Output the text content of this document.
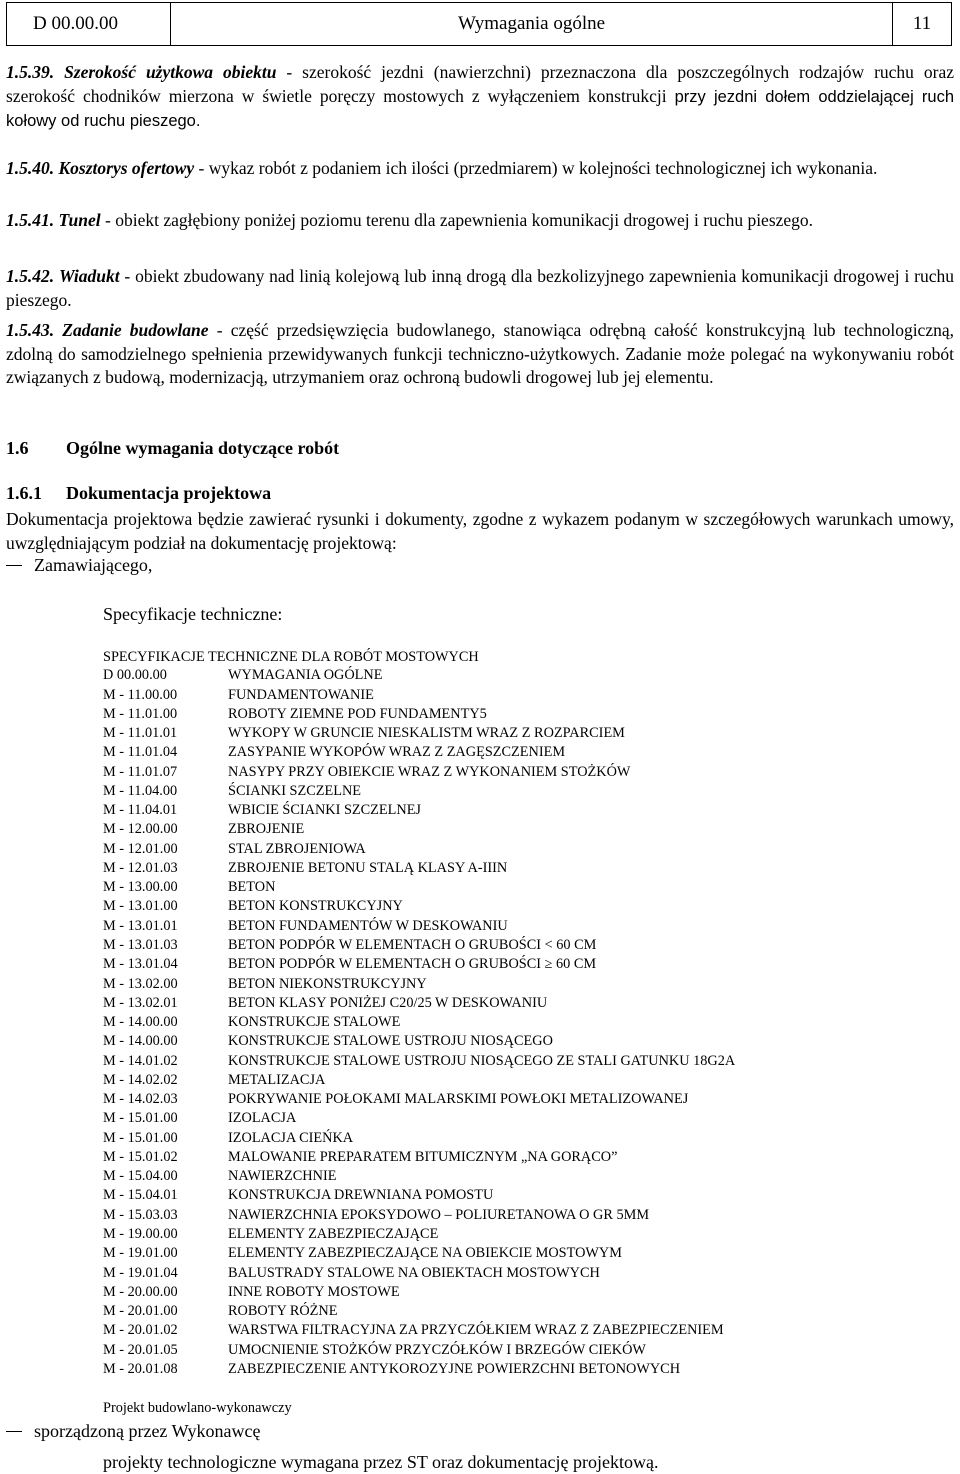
D 00.00.00	Wymagania ogólne	11

1.5.39. Szerokość użytkowa obiektu - szerokość jezdni (nawierzchni) przeznaczona dla poszczególnych rodzajów ruchu oraz szerokość chodników mierzona w świetle poręczy mostowych z wyłączeniem konstrukcji przy jezdni dołem oddzielającej ruch kołowy od ruchu pieszego.

1.5.40. Kosztorys ofertowy - wykaz robót z podaniem ich ilości (przedmiarem) w kolejności technologicznej ich wykonania.

1.5.41. Tunel - obiekt zagłębiony poniżej poziomu terenu dla zapewnienia komunikacji drogowej i ruchu pieszego.

1.5.42. Wiadukt - obiekt zbudowany nad linią kolejową lub inną drogą dla bezkolizyjnego zapewnienia komunikacji drogowej i ruchu pieszego.

1.5.43. Zadanie budowlane - część przedsięwzięcia budowlanego, stanowiąca odrębną całość konstrukcyjną lub technologiczną, zdolną do samodzielnego spełnienia przewidywanych funkcji techniczno-użytkowych. Zadanie może polegać na wykonywaniu robót związanych z budową, modernizacją, utrzymaniem oraz ochroną budowli drogowej lub jej elementu.

1.6 Ogólne wymagania dotyczące robót
1.6.1 Dokumentacja projektowa

Dokumentacja projektowa będzie zawierać rysunki i dokumenty, zgodne z wykazem podanym w szczegółowych warunkach umowy, uwzględniającym podział na dokumentację projektową:

Zamawiającego,
Specyfikacje techniczne:
SPECYFIKACJE TECHNICZNE DLA ROBÓT MOSTOWYCH
D 00.00.00	WYMAGANIA OGÓLNE
M - 11.00.00	FUNDAMENTOWANIE
M - 11.01.00	ROBOTY ZIEMNE POD FUNDAMENTY5
M - 11.01.01	WYKOPY W GRUNCIE NIESKALISTM WRAZ Z ROZPARCIEM
M - 11.01.04	ZASYPANIE WYKOPÓW WRAZ Z ZAGĘSZCZENIEM
M - 11.01.07	NASYPY PRZY OBIEKCIE WRAZ Z WYKONANIEM STOŻKÓW
M - 11.04.00	ŚCIANKI SZCZELNE
M - 11.04.01	WBICIE ŚCIANKI SZCZELNEJ
M - 12.00.00	ZBROJENIE
M - 12.01.00	STAL ZBROJENIOWA
M - 12.01.03	ZBROJENIE BETONU STALĄ KLASY A-IIIN
M - 13.00.00	BETON
M - 13.01.00	BETON KONSTRUKCYJNY
M - 13.01.01	BETON FUNDAMENTÓW W DESKOWANIU
M - 13.01.03	BETON PODPÓR W ELEMENTACH O GRUBOŚCI < 60 CM
M - 13.01.04	BETON PODPÓR W ELEMENTACH O GRUBOŚCI ≥ 60 CM
M - 13.02.00	BETON NIEKONSTRUKCYJNY
M - 13.02.01	BETON KLASY PONIŻEJ C20/25 W DESKOWANIU
M - 14.00.00	KONSTRUKCJE STALOWE
M - 14.00.00	KONSTRUKCJE STALOWE USTROJU NIOSĄCEGO
M - 14.01.02	KONSTRUKCJE STALOWE USTROJU NIOSĄCEGO ZE STALI GATUNKU 18G2A
M - 14.02.02	METALIZACJA
M - 14.02.03	POKRYWANIE POŁOKAMI MALARSKIMI POWŁOKI METALIZOWANEJ
M - 15.01.00	IZOLACJA
M - 15.01.00	IZOLACJA CIEŃKA
M - 15.01.02	MALOWANIE PREPARATEM BITUMICZNYM „NA GORĄCO”
M - 15.04.00	NAWIERZCHNIE
M - 15.04.01	KONSTRUKCJA DREWNIANA POMOSTU
M - 15.03.03	NAWIERZCHNIA EPOKSYDOWO – POLIURETANOWA O GR 5MM
M - 19.00.00	ELEMENTY ZABEZPIECZAJĄCE
M - 19.01.00	ELEMENTY ZABEZPIECZAJĄCE NA OBIEKCIE MOSTOWYM
M - 19.01.04	BALUSTRADY STALOWE NA OBIEKTACH MOSTOWYCH
M - 20.00.00	INNE ROBOTY MOSTOWE
M - 20.01.00	ROBOTY RÓŻNE
M - 20.01.02	WARSTWA FILTRACYJNA ZA PRZYCZÓŁKIEM WRAZ Z ZABEZPIECZENIEM
M - 20.01.05	UMOCNIENIE STOŻKÓW PRZYCZÓŁKÓW I BRZEGÓW CIEKÓW
M - 20.01.08	ZABEZPIECZENIE ANTYKOROZYJNE POWIERZCHNI BETONOWYCH
Projekt budowlano-wykonawczy
sporządzoną przez Wykonawcę
projekty technologiczne wymagana przez ST oraz dokumentację projektową.
